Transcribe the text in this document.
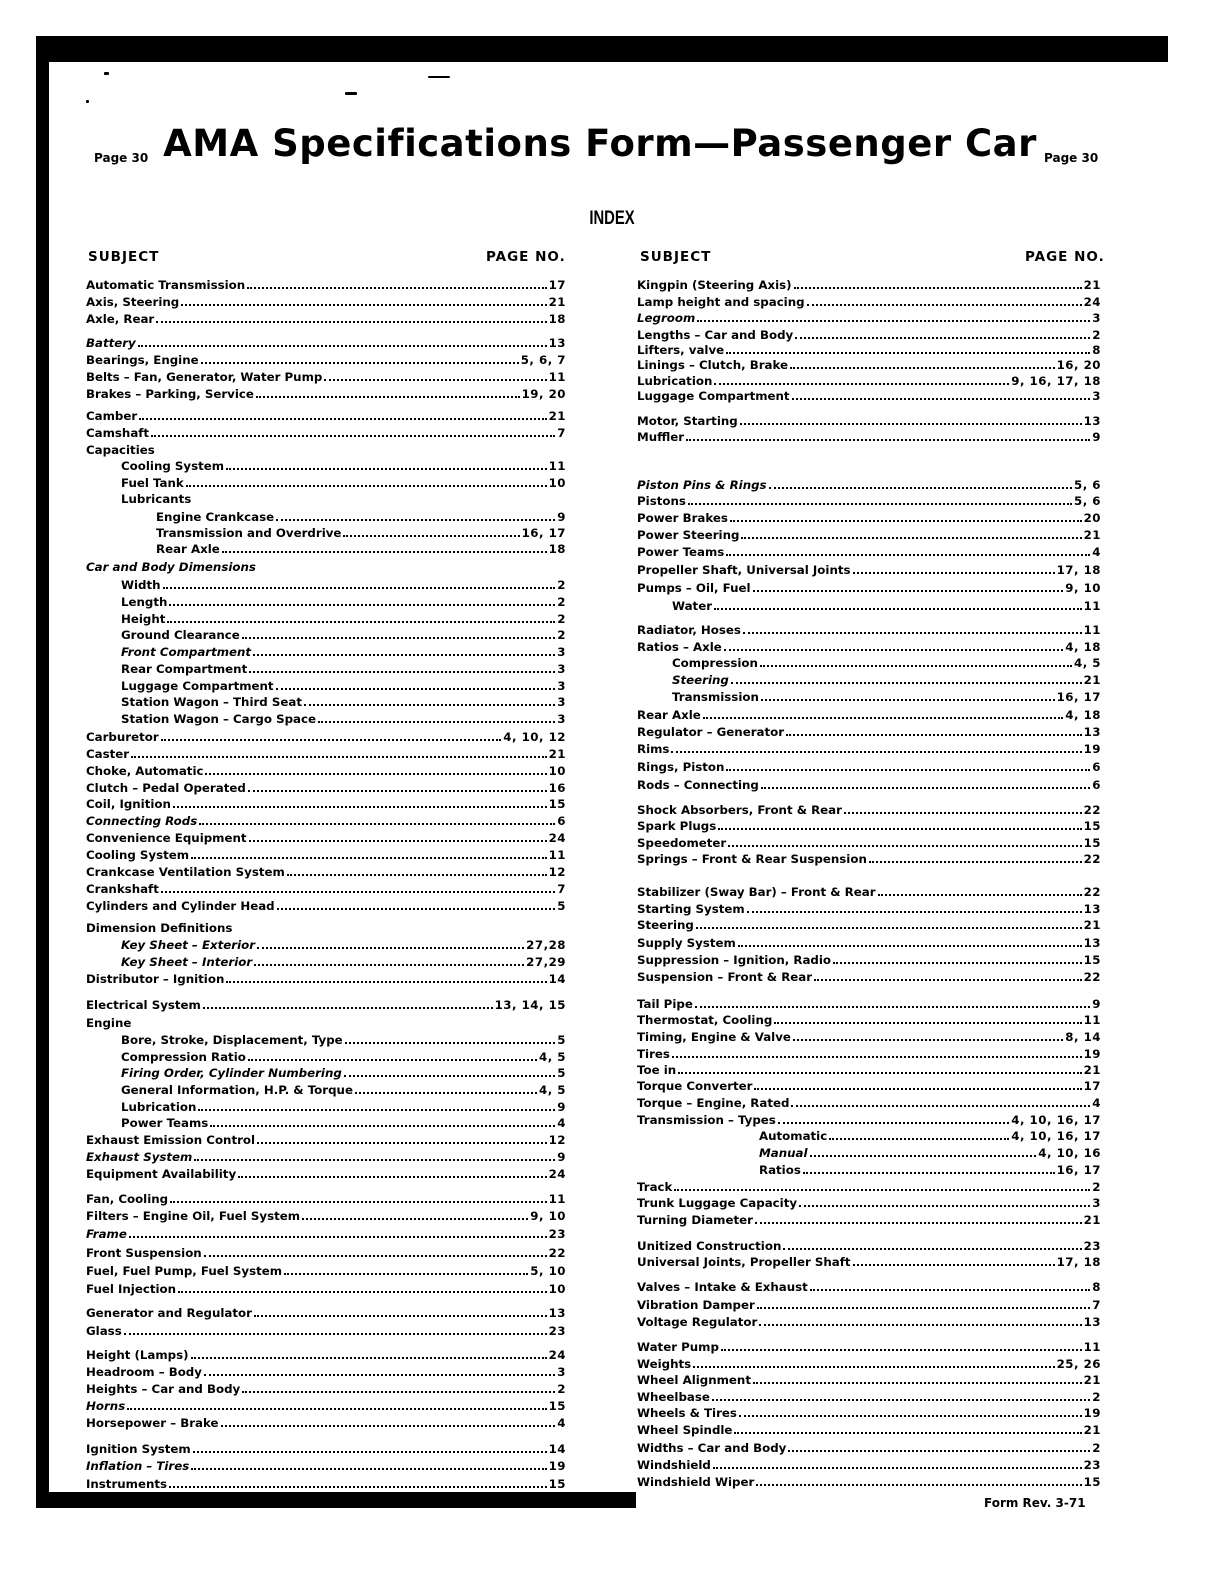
Page 30 AMA Specifications Form—Passenger Car Page 30
INDEX
SUBJECT	PAGE NO.	SUBJECT	PAGE NO.
Automatic Transmission	17
Axis, Steering	21
Axle, Rear	18
Battery	13
Bearings, Engine	5, 6, 7
Belts – Fan, Generator, Water Pump	11
Brakes – Parking, Service	19, 20
Camber	21
Camshaft	7
Capacities
Cooling System	11
Fuel Tank	10
Lubricants
Engine Crankcase	9
Transmission and Overdrive	16, 17
Rear Axle	18
Car and Body Dimensions
Width	2
Length	2
Height	2
Ground Clearance	2
Front Compartment	3
Rear Compartment	3
Luggage Compartment	3
Station Wagon – Third Seat	3
Station Wagon – Cargo Space	3
Carburetor	4, 10, 12
Caster	21
Choke, Automatic	10
Clutch – Pedal Operated	16
Coil, Ignition	15
Connecting Rods	6
Convenience Equipment	24
Cooling System	11
Crankcase Ventilation System	12
Crankshaft	7
Cylinders and Cylinder Head	5
Dimension Definitions
Key Sheet – Exterior	27,28
Key Sheet – Interior	27,29
Distributor – Ignition	14
Electrical System	13, 14, 15
Engine
Bore, Stroke, Displacement, Type	5
Compression Ratio	4, 5
Firing Order, Cylinder Numbering	5
General Information, H.P. & Torque	4, 5
Lubrication	9
Power Teams	4
Exhaust Emission Control	12
Exhaust System	9
Equipment Availability	24
Fan, Cooling	11
Filters – Engine Oil, Fuel System	9, 10
Frame	23
Front Suspension	22
Fuel, Fuel Pump, Fuel System	5, 10
Fuel Injection	10
Generator and Regulator	13
Glass	23
Height (Lamps)	24
Headroom – Body	3
Heights – Car and Body	2
Horns	15
Horsepower – Brake	4
Ignition System	14
Inflation – Tires	19
Instruments	15
Kingpin (Steering Axis)	21
Lamp height and spacing	24
Legroom	3
Lengths – Car and Body	2
Lifters, valve	8
Linings – Clutch, Brake	16, 20
Lubrication	9, 16, 17, 18
Luggage Compartment	3
Motor, Starting	13
Muffler	9
Piston Pins & Rings	5, 6
Pistons	5, 6
Power Brakes	20
Power Steering	21
Power Teams	4
Propeller Shaft, Universal Joints	17, 18
Pumps – Oil, Fuel	9, 10
Water	11
Radiator, Hoses	11
Ratios – Axle	4, 18
Compression	4, 5
Steering	21
Transmission	16, 17
Rear Axle	4, 18
Regulator – Generator	13
Rims	19
Rings, Piston	6
Rods – Connecting	6
Shock Absorbers, Front & Rear	22
Spark Plugs	15
Speedometer	15
Springs – Front & Rear Suspension	22
Stabilizer (Sway Bar) – Front & Rear	22
Starting System	13
Steering	21
Supply System	13
Suppression – Ignition, Radio	15
Suspension – Front & Rear	22
Tail Pipe	9
Thermostat, Cooling	11
Timing, Engine & Valve	8, 14
Tires	19
Toe in	21
Torque Converter	17
Torque – Engine, Rated	4
Transmission – Types	4, 10, 16, 17
Automatic	4, 10, 16, 17
Manual	4, 10, 16
Ratios	16, 17
Track	2
Trunk Luggage Capacity	3
Turning Diameter	21
Unitized Construction	23
Universal Joints, Propeller Shaft	17, 18
Valves – Intake & Exhaust	8
Vibration Damper	7
Voltage Regulator	13
Water Pump	11
Weights	25, 26
Wheel Alignment	21
Wheelbase	2
Wheels & Tires	19
Wheel Spindle	21
Widths – Car and Body	2
Windshield	23
Windshield Wiper	15
Form Rev. 3-71
